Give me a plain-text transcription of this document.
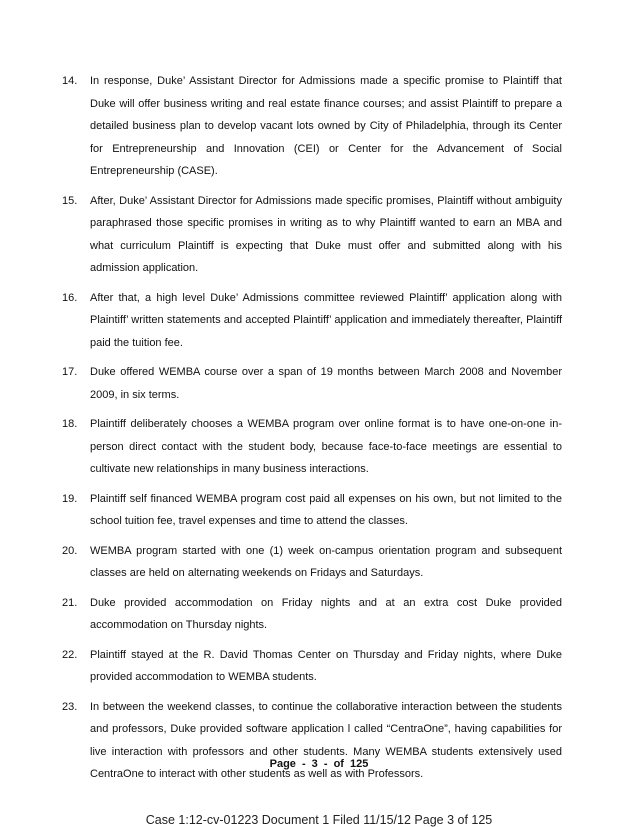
14. In response, Duke’ Assistant Director for Admissions made a specific promise to Plaintiff that Duke will offer business writing and real estate finance courses; and assist Plaintiff to prepare a detailed business plan to develop vacant lots owned by City of Philadelphia, through its Center for Entrepreneurship and Innovation (CEI) or Center for the Advancement of Social Entrepreneurship (CASE).
15. After, Duke’ Assistant Director for Admissions made specific promises, Plaintiff without ambiguity paraphrased those specific promises in writing as to why Plaintiff wanted to earn an MBA and what curriculum Plaintiff is expecting that Duke must offer and submitted along with his admission application.
16. After that, a high level Duke’ Admissions committee reviewed Plaintiff’ application along with Plaintiff’ written statements and accepted Plaintiff’ application and immediately thereafter, Plaintiff paid the tuition fee.
17. Duke offered WEMBA course over a span of 19 months between March 2008 and November 2009, in six terms.
18. Plaintiff deliberately chooses a WEMBA program over online format is to have one-on-one in-person direct contact with the student body, because face-to-face meetings are essential to cultivate new relationships in many business interactions.
19. Plaintiff self financed WEMBA program cost paid all expenses on his own, but not limited to the school tuition fee, travel expenses and time to attend the classes.
20. WEMBA program started with one (1) week on-campus orientation program and subsequent classes are held on alternating weekends on Fridays and Saturdays.
21. Duke provided accommodation on Friday nights and at an extra cost Duke provided accommodation on Thursday nights.
22. Plaintiff stayed at the R. David Thomas Center on Thursday and Friday nights, where Duke provided accommodation to WEMBA students.
23. In between the weekend classes, to continue the collaborative interaction between the students and professors, Duke provided software application l called “CentraOne”, having capabilities for live interaction with professors and other students. Many WEMBA students extensively used CentraOne to interact with other students as well as with Professors.
Page - 3 - of 125
Case 1:12-cv-01223 Document 1 Filed 11/15/12 Page 3 of 125
